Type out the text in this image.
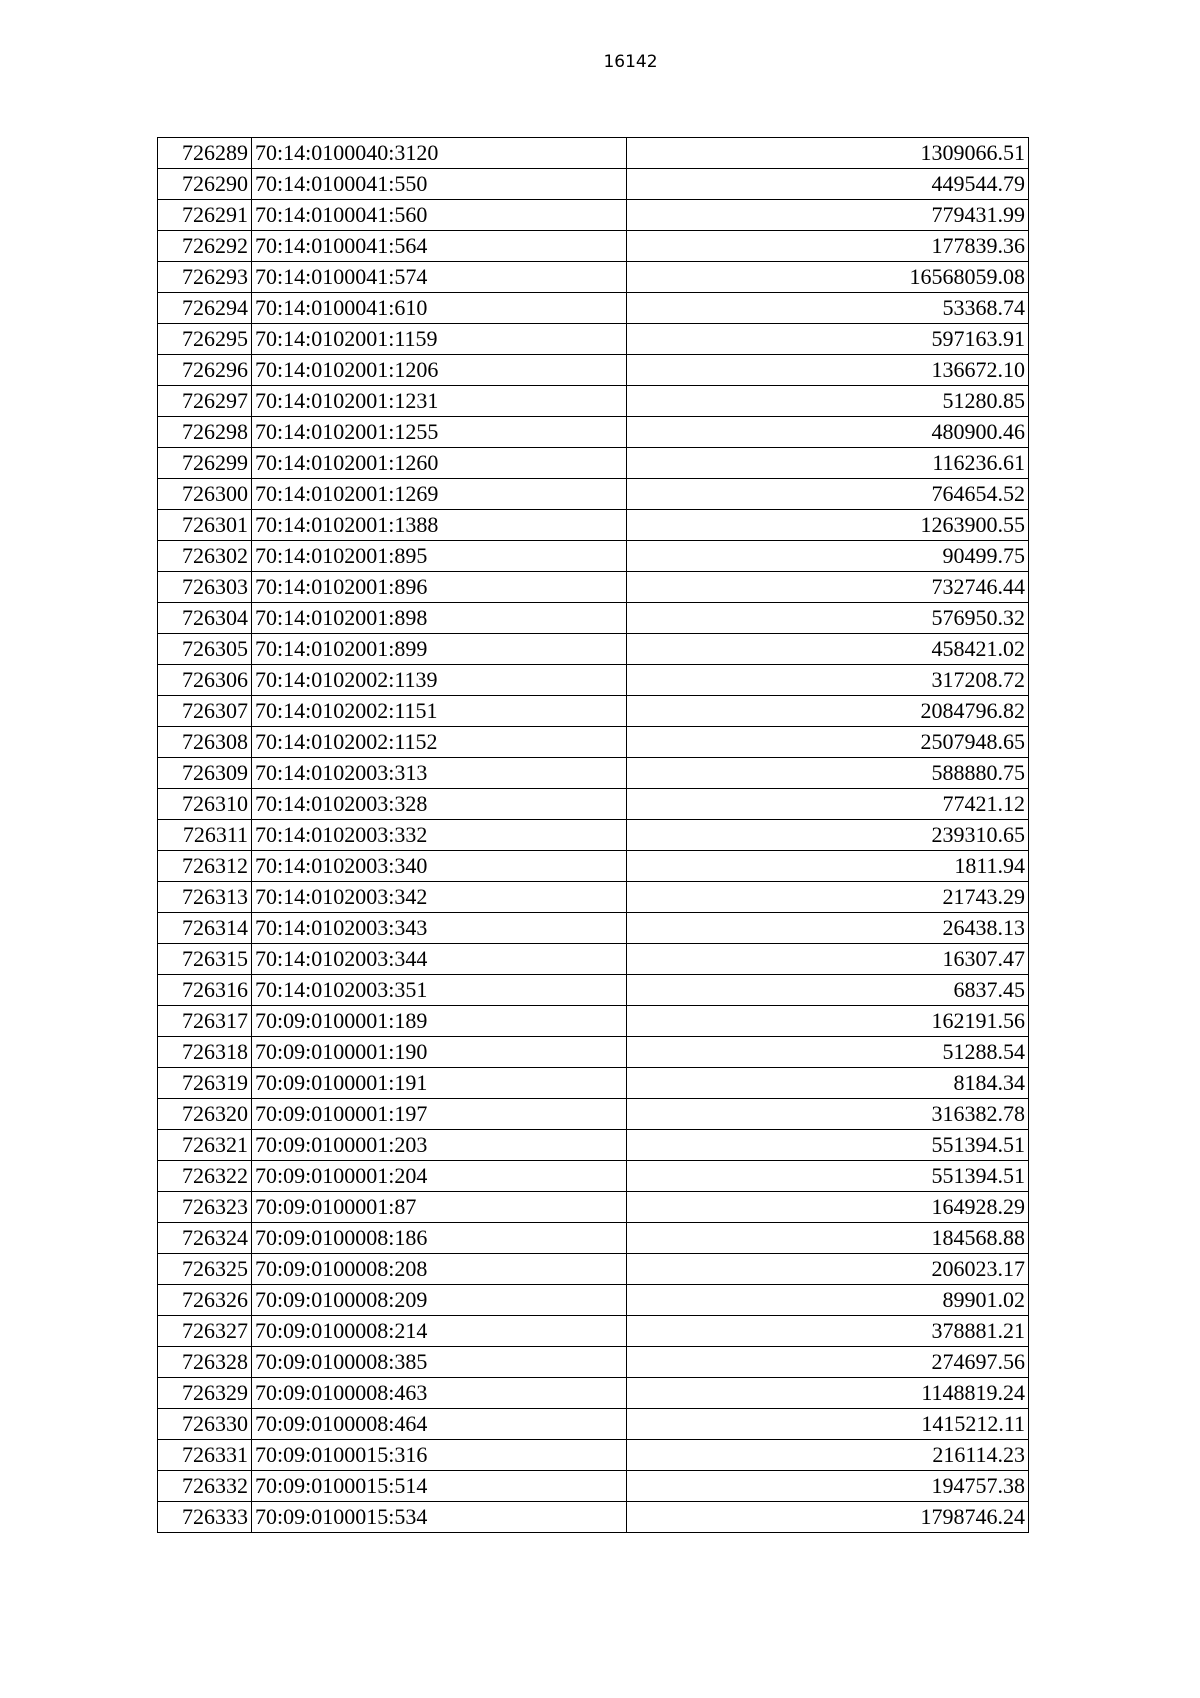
16142
726289	70:14:0100040:3120	1309066.51
726290	70:14:0100041:550	449544.79
726291	70:14:0100041:560	779431.99
726292	70:14:0100041:564	177839.36
726293	70:14:0100041:574	16568059.08
726294	70:14:0100041:610	53368.74
726295	70:14:0102001:1159	597163.91
726296	70:14:0102001:1206	136672.10
726297	70:14:0102001:1231	51280.85
726298	70:14:0102001:1255	480900.46
726299	70:14:0102001:1260	116236.61
726300	70:14:0102001:1269	764654.52
726301	70:14:0102001:1388	1263900.55
726302	70:14:0102001:895	90499.75
726303	70:14:0102001:896	732746.44
726304	70:14:0102001:898	576950.32
726305	70:14:0102001:899	458421.02
726306	70:14:0102002:1139	317208.72
726307	70:14:0102002:1151	2084796.82
726308	70:14:0102002:1152	2507948.65
726309	70:14:0102003:313	588880.75
726310	70:14:0102003:328	77421.12
726311	70:14:0102003:332	239310.65
726312	70:14:0102003:340	1811.94
726313	70:14:0102003:342	21743.29
726314	70:14:0102003:343	26438.13
726315	70:14:0102003:344	16307.47
726316	70:14:0102003:351	6837.45
726317	70:09:0100001:189	162191.56
726318	70:09:0100001:190	51288.54
726319	70:09:0100001:191	8184.34
726320	70:09:0100001:197	316382.78
726321	70:09:0100001:203	551394.51
726322	70:09:0100001:204	551394.51
726323	70:09:0100001:87	164928.29
726324	70:09:0100008:186	184568.88
726325	70:09:0100008:208	206023.17
726326	70:09:0100008:209	89901.02
726327	70:09:0100008:214	378881.21
726328	70:09:0100008:385	274697.56
726329	70:09:0100008:463	1148819.24
726330	70:09:0100008:464	1415212.11
726331	70:09:0100015:316	216114.23
726332	70:09:0100015:514	194757.38
726333	70:09:0100015:534	1798746.24
